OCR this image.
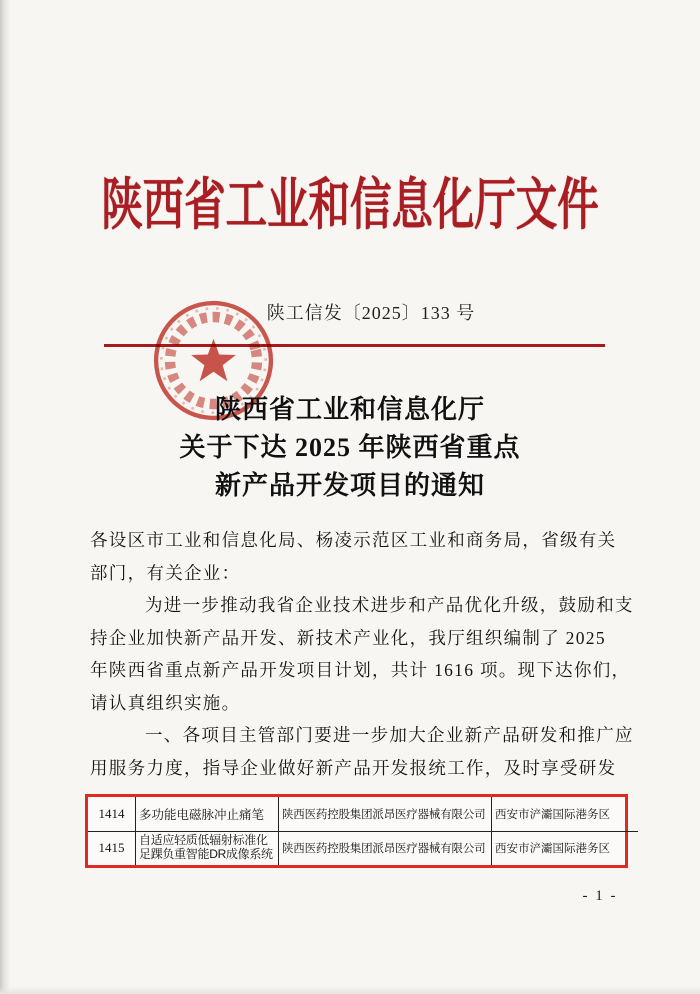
陕西省工业和信息化厅文件
陕工信发〔2025〕133 号
陕西省工业和信息化厅
关于下达 2025 年陕西省重点
新产品开发项目的通知
各设区市工业和信息化局、杨凌示范区工业和商务局，省级有关
部门，有关企业：
为进一步推动我省企业技术进步和产品优化升级，鼓励和支
持企业加快新产品开发、新技术产业化，我厅组织编制了 2025
年陕西省重点新产品开发项目计划，共计 1616 项。现下达你们，
请认真组织实施。
一、各项目主管部门要进一步加大企业新产品研发和推广应
用服务力度，指导企业做好新产品开发报统工作，及时享受研发
1414	多功能电磁脉冲止痛笔	陕西医药控股集团派昂医疗器械有限公司	西安市浐灞国际港务区
1415	自适应轻质低辐射标准化
足踝负重智能DR成像系统	陕西医药控股集团派昂医疗器械有限公司	西安市浐灞国际港务区
- 1 -
